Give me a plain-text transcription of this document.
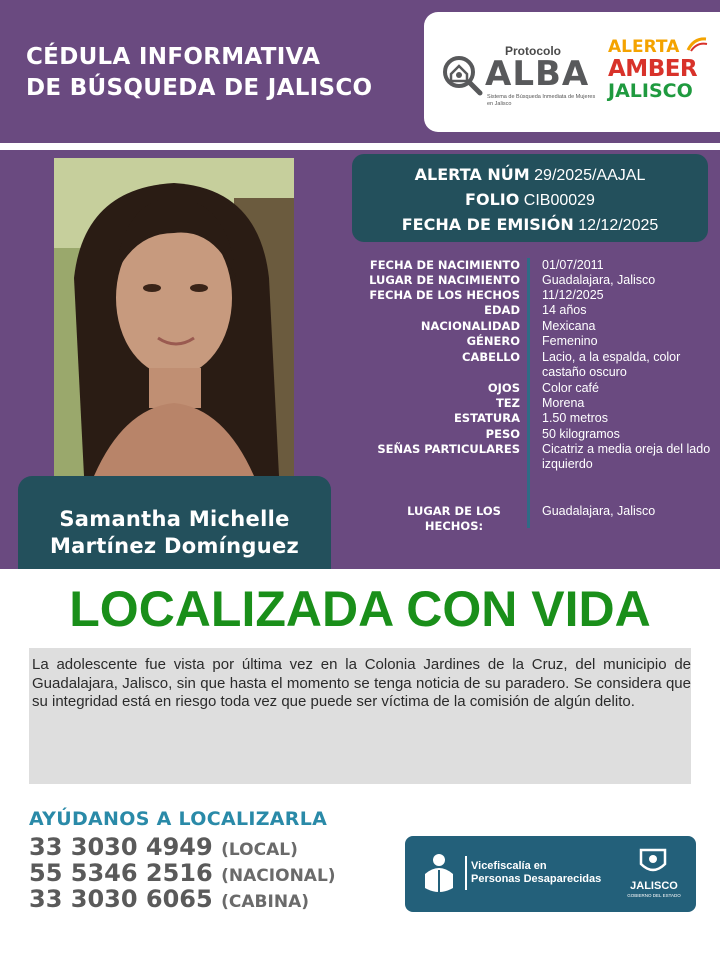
CÉDULA INFORMATIVA
DE BÚSQUEDA DE JALISCO
Protocolo
ALBA
Sistema de Búsqueda Inmediata de Mujeres en Jalisco
ALERTA
AMBER
JALISCO
Samantha Michelle
Martínez Domínguez
ALERTA NÚM 29/2025/AAJAL
FOLIO CIB00029
FECHA DE EMISIÓN 12/12/2025
FECHA DE NACIMIENTO 01/07/2011
LUGAR DE NACIMIENTO Guadalajara, Jalisco
FECHA DE LOS HECHOS 11/12/2025
EDAD 14 años
NACIONALIDAD Mexicana
GÉNERO Femenino
CABELLO Lacio, a la espalda, color castaño oscuro
OJOS Color café
TEZ Morena
ESTATURA 1.50 metros
PESO 50 kilogramos
SEÑAS PARTICULARES Cicatriz a media oreja del lado izquierdo
LUGAR DE LOS
HECHOS:
Guadalajara, Jalisco
LOCALIZADA CON VIDA
La adolescente fue vista por última vez en la Colonia Jardines de la Cruz, del municipio de Guadalajara, Jalisco, sin que hasta el momento se tenga noticia de su paradero. Se considera que su integridad está en riesgo toda vez que puede ser víctima de la comisión de algún delito.
AYÚDANOS A LOCALIZARLA
33 3030 4949 (LOCAL)
55 5346 2516 (NACIONAL)
33 3030 6065 (CABINA)
Vicefiscalía en
Personas Desaparecidas
JALISCO
GOBIERNO DEL ESTADO
